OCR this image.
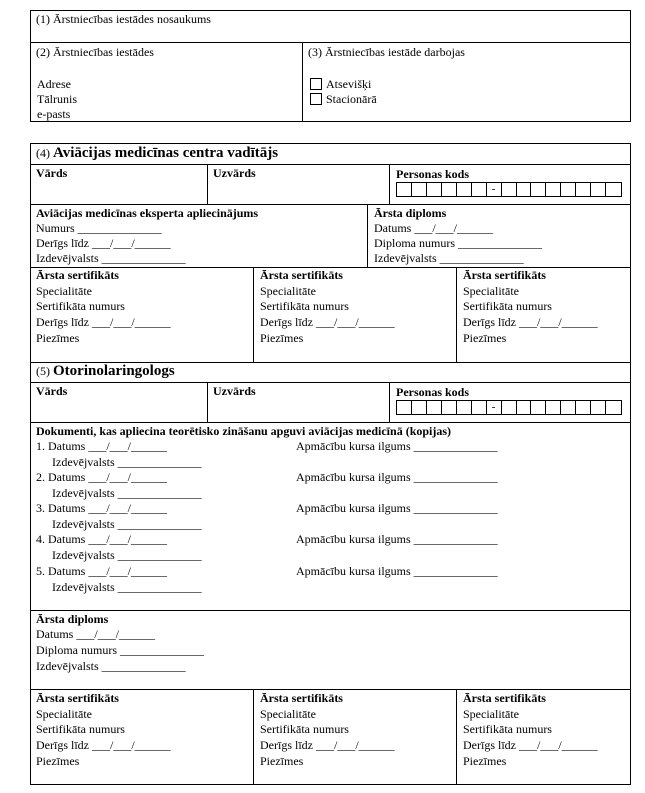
(1) Ārstniecības iestādes nosaukums
(2) Ārstniecības iestādes
Adrese
Tālrunis
e-pasts
(3) Ārstniecības iestāde darbojas
Atsevišķi
Stacionārā
(4) Aviācijas medicīnas centra vadītājs
Vārds	Uzvārds	Personas kods
-
Aviācijas medicīnas eksperta apliecinājums
Numurs ______________
Derīgs līdz ___/___/______
Izdevējvalsts ______________
Ārsta diploms
Datums ___/___/______
Diploma numurs ______________
Izdevējvalsts ______________
Ārsta sertifikāts
Specialitāte
Sertifikāta numurs
Derīgs līdz ___/___/______
Piezīmes
Ārsta sertifikāts
Specialitāte
Sertifikāta numurs
Derīgs līdz ___/___/______
Piezīmes
Ārsta sertifikāts
Specialitāte
Sertifikāta numurs
Derīgs līdz ___/___/______
Piezīmes
(5) Otorinolaringologs
Vārds	Uzvārds	Personas kods
-
Dokumenti, kas apliecina teorētisko zināšanu apguvi aviācijas medicīnā (kopijas)
1. Datums ___/___/______	Apmācību kursa ilgums ______________
Izdevējvalsts ______________
2. Datums ___/___/______	Apmācību kursa ilgums ______________
Izdevējvalsts ______________
3. Datums ___/___/______	Apmācību kursa ilgums ______________
Izdevējvalsts ______________
4. Datums ___/___/______	Apmācību kursa ilgums ______________
Izdevējvalsts ______________
5. Datums ___/___/______	Apmācību kursa ilgums ______________
Izdevējvalsts ______________
Ārsta diploms
Datums ___/___/______
Diploma numurs ______________
Izdevējvalsts ______________
Ārsta sertifikāts
Specialitāte
Sertifikāta numurs
Derīgs līdz ___/___/______
Piezīmes
Ārsta sertifikāts
Specialitāte
Sertifikāta numurs
Derīgs līdz ___/___/______
Piezīmes
Ārsta sertifikāts
Specialitāte
Sertifikāta numurs
Derīgs līdz ___/___/______
Piezīmes
